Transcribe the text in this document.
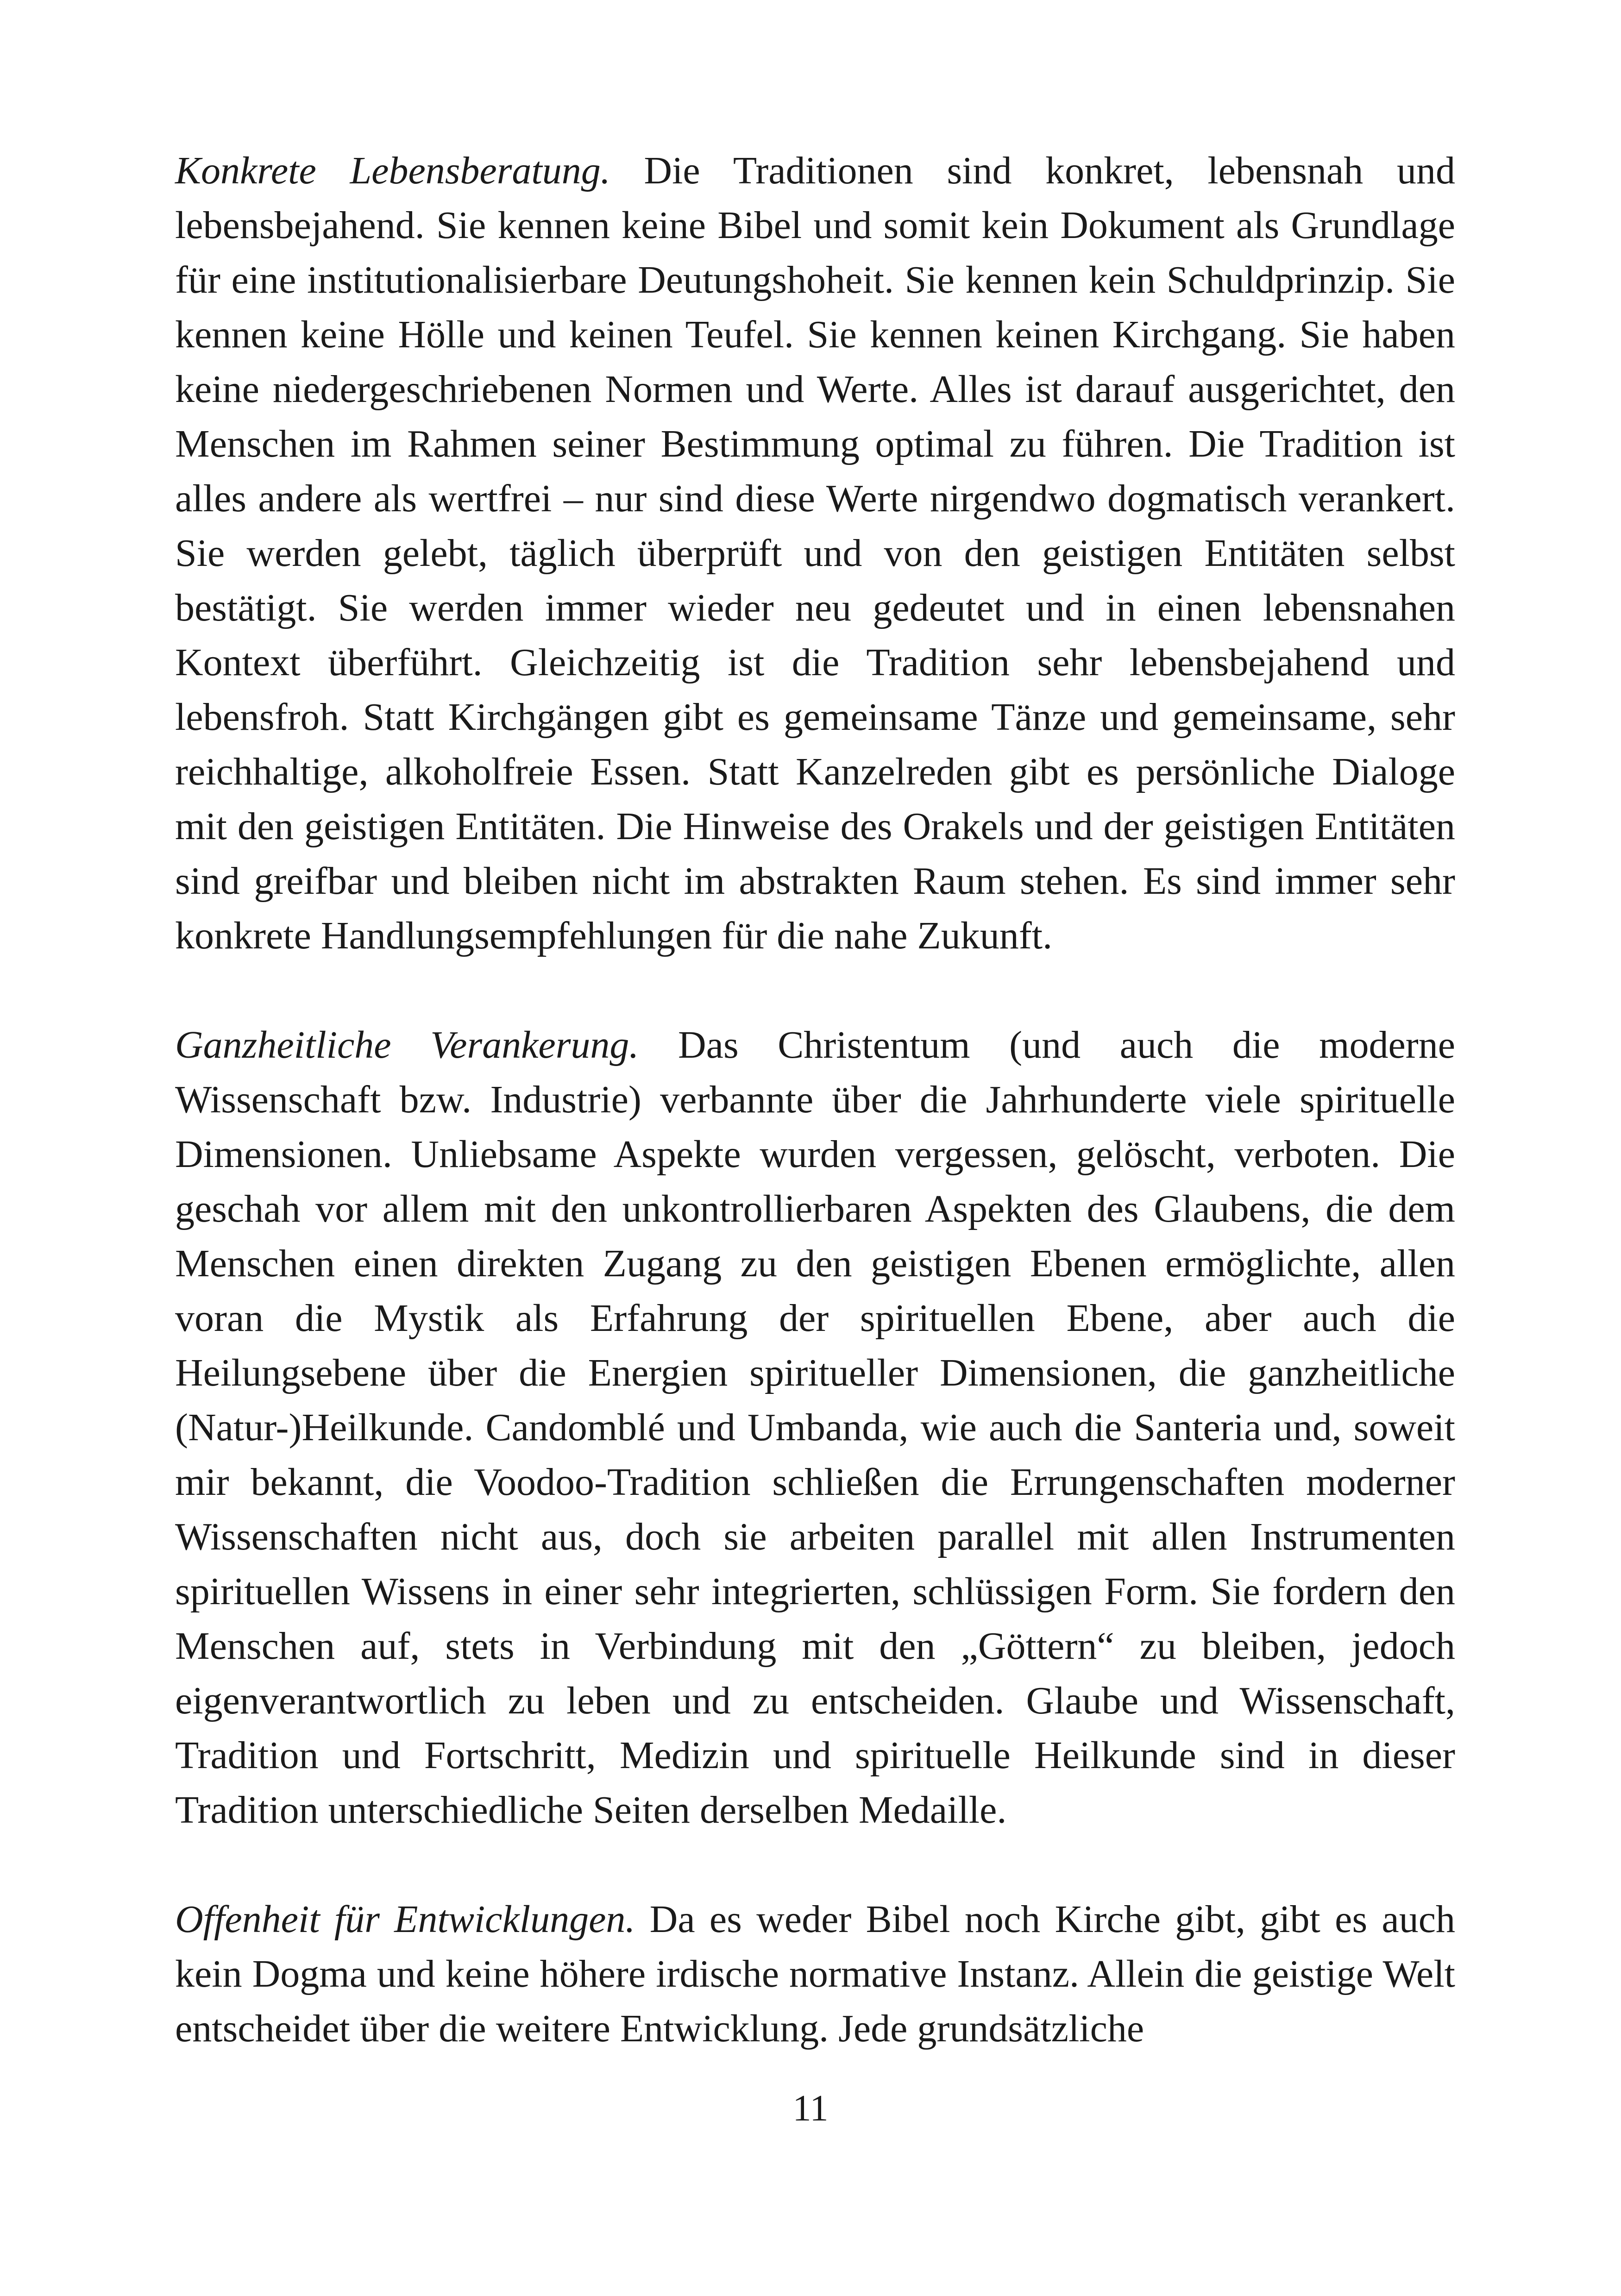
Konkrete Lebensberatung. Die Traditionen sind konkret, lebensnah und lebensbejahend. Sie kennen keine Bibel und somit kein Dokument als Grundlage für eine institutionalisierbare Deutungshoheit. Sie kennen kein Schuldprinzip. Sie kennen keine Hölle und keinen Teufel. Sie kennen keinen Kirchgang. Sie haben keine niedergeschriebenen Normen und Werte. Alles ist darauf ausgerichtet, den Menschen im Rahmen seiner Bestimmung optimal zu führen. Die Tradition ist alles andere als wertfrei – nur sind diese Werte nirgendwo dogmatisch verankert. Sie werden gelebt, täglich überprüft und von den geistigen Entitäten selbst bestätigt. Sie werden immer wieder neu gedeutet und in einen lebensnahen Kontext überführt. Gleichzeitig ist die Tradition sehr lebensbejahend und lebensfroh. Statt Kirchgängen gibt es gemeinsame Tänze und gemeinsame, sehr reichhaltige, alkoholfreie Essen. Statt Kanzelreden gibt es persönliche Dialoge mit den geistigen Entitäten. Die Hinweise des Orakels und der geistigen Entitäten sind greifbar und bleiben nicht im abstrakten Raum stehen. Es sind immer sehr konkrete Handlungsempfehlungen für die nahe Zukunft.

Ganzheitliche Verankerung. Das Christentum (und auch die moderne Wissenschaft bzw. Industrie) verbannte über die Jahrhunderte viele spirituelle Dimensionen. Unliebsame Aspekte wurden vergessen, gelöscht, verboten. Die geschah vor allem mit den unkontrollierbaren Aspekten des Glaubens, die dem Menschen einen direkten Zugang zu den geistigen Ebenen ermöglichte, allen voran die Mystik als Erfahrung der spirituellen Ebene, aber auch die Heilungsebene über die Energien spiritueller Dimensionen, die ganzheitliche (Natur-)Heilkunde. Candomblé und Umbanda, wie auch die Santeria und, soweit mir bekannt, die Voodoo-Tradition schließen die Errungenschaften moderner Wissenschaften nicht aus, doch sie arbeiten parallel mit allen Instrumenten spirituellen Wissens in einer sehr integrierten, schlüssigen Form. Sie fordern den Menschen auf, stets in Verbindung mit den „Göttern“ zu bleiben, jedoch eigenverantwortlich zu leben und zu entscheiden. Glaube und Wissenschaft, Tradition und Fortschritt, Medizin und spirituelle Heilkunde sind in dieser Tradition unterschiedliche Seiten derselben Medaille.

Offenheit für Entwicklungen. Da es weder Bibel noch Kirche gibt, gibt es auch kein Dogma und keine höhere irdische normative Instanz. Allein die geistige Welt entscheidet über die weitere Entwicklung. Jede grundsätzliche

11
